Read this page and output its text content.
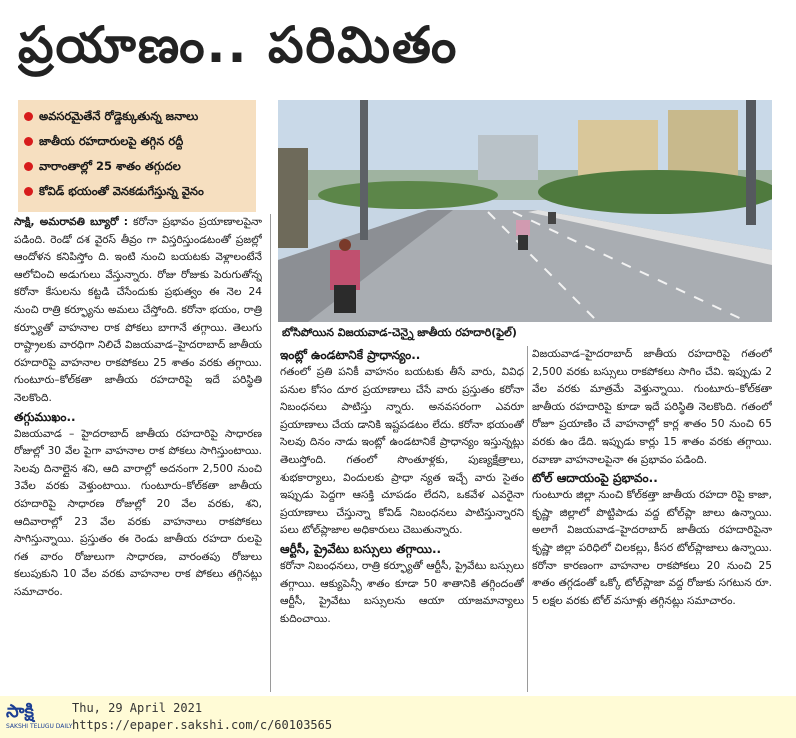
ప్రయాణం.. పరిమితం
అవసరమైతేనే రోడ్డెక్కుతున్న జనాలు
జాతీయ రహదారులపై తగ్గిన రద్దీ
వారాంతాల్లో 25 శాతం తగ్గుదల
కోవిడ్ భయంతో వెనకడుగేస్తున్న వైనం
బోసిపోయిన విజయవాడ-చెన్నై జాతీయ రహదారి(ఫైల్)

సాక్షి, అమరావతి బ్యూరో : కరోనా ప్రభావం ప్రయాణాలపైనా పడింది. రెండో దశ వైరస్ తీవ్రం గా విస్తరిస్తుండటంతో ప్రజల్లో ఆందోళన కనిపిస్తోం ది. ఇంటి నుంచి బయటకు వెళ్లాలంటేనే ఆలోచించి అడుగులు వేస్తున్నారు. రోజు రోజుకు పెరుగుతోన్న కరోనా కేసులను కట్టడి చేసేందుకు ప్రభుత్వం ఈ నెల 24 నుంచి రాత్రి కర్ఫ్యూను అమలు చేస్తోంది. కరోనా భయం, రాత్రి కర్ఫ్యూతో వాహనాల రాక పోకలు బాగానే తగ్గాయి. తెలుగు రాష్ట్రాలకు వారధిగా నిలిచే విజయవాడ–హైదరాబాద్ జాతీయ రహదారిపై వాహనాల రాకపోకలు 25 శాతం వరకు తగ్గాయి. గుంటూరు–కోల్‌కతా జాతీయ రహదారిపై ఇదే పరిస్థితి నెలకొంది.

తగ్గుముఖం..

విజయవాడ – హైదరాబాద్ జాతీయ రహదారిపై సాధారణ రోజుల్లో 30 వేల పైగా వాహనాల రాక పోకలు సాగిస్తుంటాయి. సెలవు దినాల్లైన శని, ఆది వారాల్లో అదనంగా 2,500 నుంచి 3వేల వరకు వెళ్తుంటాయి. గుంటూరు–కోల్‌కతా జాతీయ రహదారిపై సాధారణ రోజుల్లో 20 వేల వరకు, శని, ఆదివారాల్లో 23 వేల వరకు వాహనాలు రాకపోకలు సాగిస్తున్నాయి. ప్రస్తుతం ఈ రెండు జాతీయ రహదా రులపై గత వారం రోజులుగా సాధారణ, వారంతపు రోజులు కలుపుకుని 10 వేల వరకు వాహనాల రాక పోకలు తగ్గినట్లు సమాచారం.

ఇంట్లో ఉండటానికే ప్రాధాన్యం..

గతంలో ప్రతి పనికీ వాహనం బయటకు తీసే వారు, వివిధ పనుల కోసం దూర ప్రయాణాలు చేసే వారు ప్రస్తుతం కరోనా నిబంధనలు పాటిస్తు న్నారు. అనవసరంగా ఎవరూ ప్రయాణాలు చేయ డానికి ఇష్టపడటం లేదు. కరోనా భయంతో సెలవు దినం నాడు ఇంట్లో ఉండటానికే ప్రాధాన్యం ఇస్తున్నట్లు తెలుస్తోంది. గతంలో సొంతూళ్లకు, పుణ్యక్షేత్రాలు, శుభకార్యాలు, విందులకు ప్రాధా న్యత ఇచ్చే వారు సైతం ఇప్పుడు పెద్దగా ఆసక్తి చూపడం లేదని, ఒకవేళ ఎవరైనా ప్రయాణాలు చేస్తున్నా కోవిడ్ నిబంధనలు పాటిస్తున్నారని పలు టోల్‌ప్లాజాల అధికారులు చెబుతున్నారు.

ఆర్టీసీ, ప్రైవేటు బస్సులు తగ్గాయి..

కరోనా నిబంధనలు, రాత్రి కర్ఫ్యూతో ఆర్టీసీ, ప్రైవేటు బస్సులు తగ్గాయి. ఆక్యుపెన్సీ శాతం కూడా 50 శాతానికి తగ్గిందంతో ఆర్టీసీ, ప్రైవేటు బస్సులను ఆయా యాజమాన్యాలు కుదించాయి.

విజయవాడ–హైదరాబాద్ జాతీయ రహదారిపై గతంలో 2,500 వరకు బస్సులు రాకపోకలు సాగిం చేవి. ఇప్పుడు 2 వేల వరకు మాత్రమే వెళ్తున్నాయి. గుంటూరు–కోల్‌కతా జాతీయ రహదారిపై కూడా ఇదే పరిస్థితి నెలకొంది. గతంలో రోజూ ప్రయాణిం చే వాహనాల్లో కార్ల శాతం 50 నుంచి 65 వరకు ఉం డేది. ఇప్పుడు కార్లు 15 శాతం వరకు తగ్గాయి. రవాణా వాహనాలపైనా ఈ ప్రభావం పడింది.

టోల్ ఆదాయంపై ప్రభావం..

గుంటూరు జిల్లా నుంచి కోల్‌కత్తా జాతీయ రహదా రిపై కాజా, కృష్ణా జిల్లాలో పొట్టిపాడు వద్ద టోల్‌ప్లా జాలు ఉన్నాయి. అలాగే విజయవాడ–హైదరాబాద్ జాతీయ రహదారిపైనా కృష్ణా జిల్లా పరిధిలో చిలకల్లు, కీసర టోల్‌ప్లాజాలు ఉన్నాయి. కరోనా కారణంగా వాహనాల రాకపోకలు 20 నుంచి 25 శాతం తగ్గడంతో ఒక్కో టోల్‌ప్లాజా వద్ద రోజుకు సగటున రూ. 5 లక్షల వరకు టోల్ వసూళ్లు తగ్గినట్లు సమాచారం.

సాక్షి
SAKSHI TELUGU DAILY
Thu, 29 April 2021
https://epaper.sakshi.com/c/60103565
